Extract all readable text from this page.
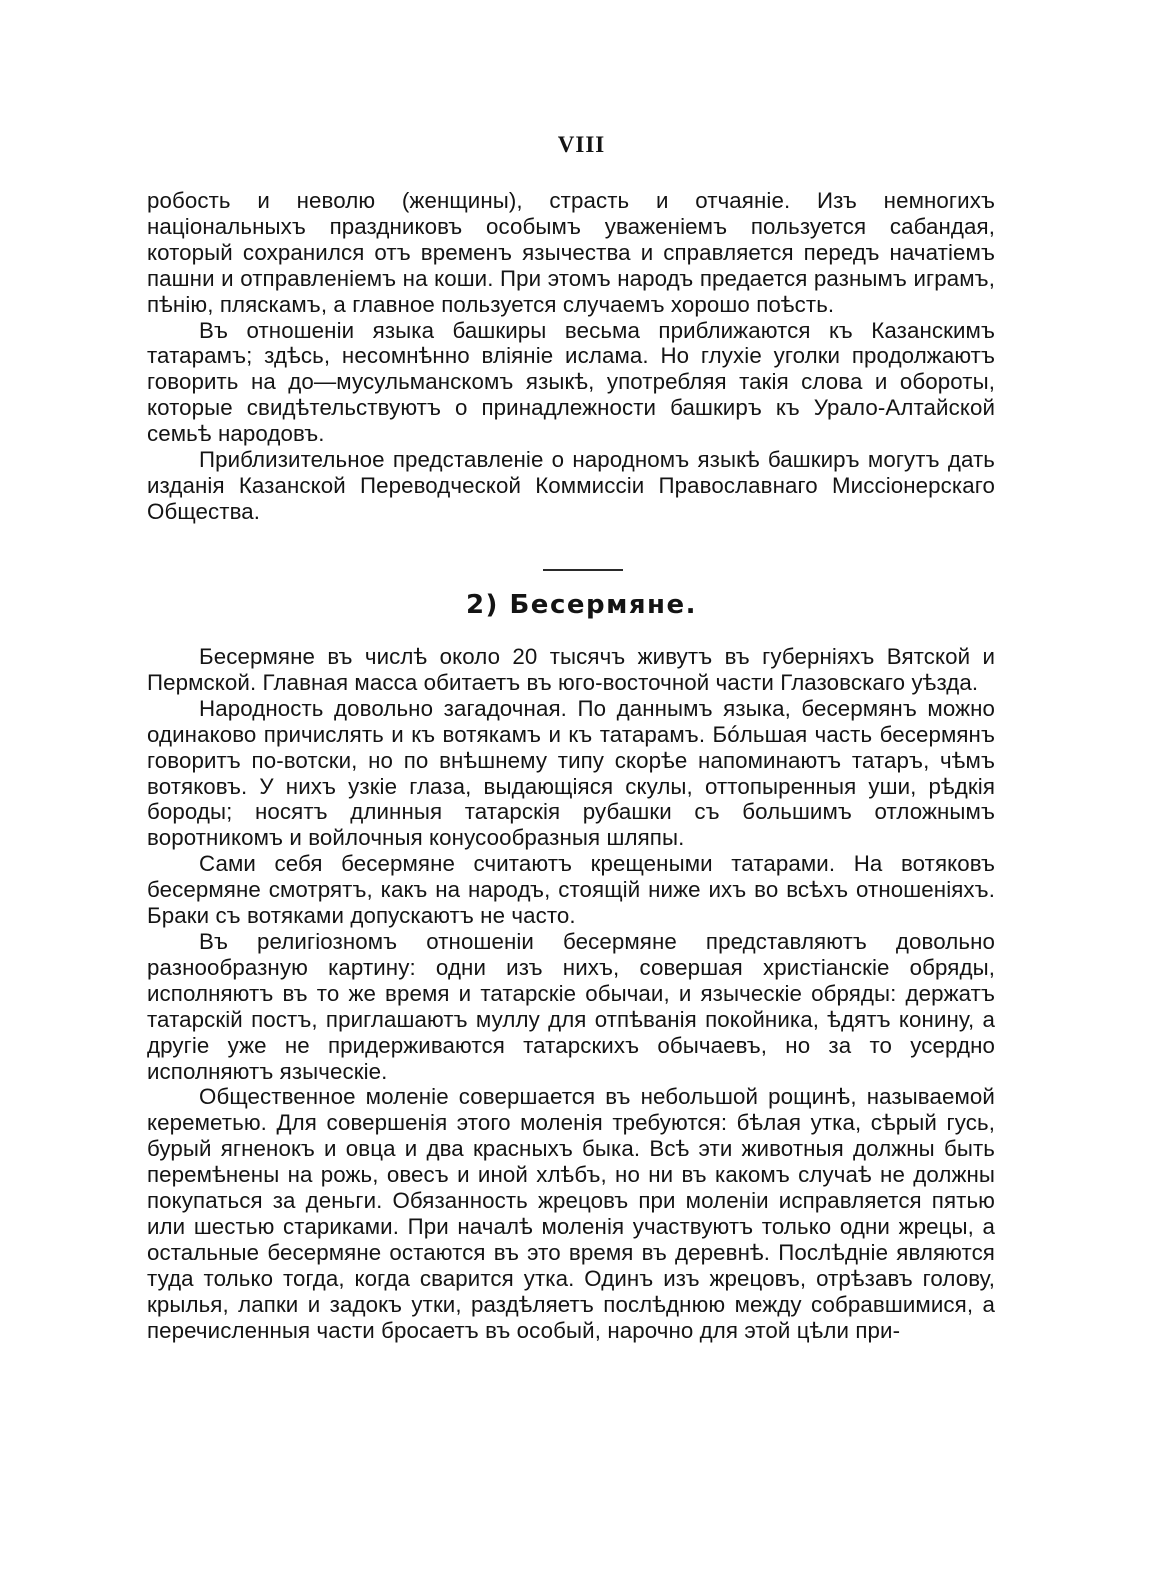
VIII

робость и неволю (женщины), страсть и отчаяніе. Изъ немногихъ національныхъ праздниковъ особымъ уваженіемъ пользуется сабандая, который сохранился отъ временъ язычества и справляется передъ начатіемъ пашни и отправленіемъ на коши. При этомъ народъ предается разнымъ играмъ, пѣнію, пляскамъ, а главное пользуется случаемъ хорошо поѣсть.

Въ отношеніи языка башкиры весьма приближаются къ Казанскимъ татарамъ; здѣсь, несомнѣнно вліяніе ислама. Но глухіе уголки продолжаютъ говорить на до—мусульманскомъ языкѣ, употребляя такія слова и обороты, которые свидѣтельствуютъ о принадлежности башкиръ къ Урало-Алтайской семьѣ народовъ.

Приблизительное представленіе о народномъ языкѣ башкиръ могутъ дать изданія Казанской Переводческой Коммиссіи Православнаго Миссіонерскаго Общества.

2) Бесермяне.

Бесермяне въ числѣ около 20 тысячъ живутъ въ губерніяхъ Вятской и Пермской. Главная масса обитаетъ въ юго-восточной части Глазовскаго уѣзда.

Народность довольно загадочная. По даннымъ языка, бесермянъ можно одинаково причислять и къ вотякамъ и къ татарамъ. Бóльшая часть бесермянъ говоритъ по-вотски, но по внѣшнему типу скорѣе напоминаютъ татаръ, чѣмъ вотяковъ. У нихъ узкіе глаза, выдающіяся скулы, оттопыренныя уши, рѣдкія бороды; носятъ длинныя татарскія рубашки съ большимъ отложнымъ воротникомъ и войлочныя конусообразныя шляпы.

Сами себя бесермяне считаютъ крещеными татарами. На вотяковъ бесермяне смотрятъ, какъ на народъ, стоящій ниже ихъ во всѣхъ отношеніяхъ. Браки съ вотяками допускаютъ не часто.

Въ религіозномъ отношеніи бесермяне представляютъ довольно разнообразную картину: одни изъ нихъ, совершая христіанскіе обряды, исполняютъ въ то же время и татарскіе обычаи, и языческіе обряды: держатъ татарскій постъ, приглашаютъ муллу для отпѣванія покойника, ѣдятъ конину, а другіе уже не придерживаются татарскихъ обычаевъ, но за то усердно исполняютъ языческіе.

Общественное моленіе совершается въ небольшой рощинѣ, называемой кереметью. Для совершенія этого моленія требуются: бѣлая утка, сѣрый гусь, бурый ягненокъ и овца и два красныхъ быка. Всѣ эти животныя должны быть перемѣнены на рожь, овесъ и иной хлѣбъ, но ни въ какомъ случаѣ не должны покупаться за деньги. Обязанность жрецовъ при моленіи исправляется пятью или шестью стариками. При началѣ моленія участвуютъ только одни жрецы, а остальные бесермяне остаются въ это время въ деревнѣ. Послѣдніе являются туда только тогда, когда сварится утка. Одинъ изъ жрецовъ, отрѣзавъ голову, крылья, лапки и задокъ утки, раздѣляетъ послѣднюю между собравшимися, а перечисленныя части бросаетъ въ особый, нарочно для этой цѣли при-
